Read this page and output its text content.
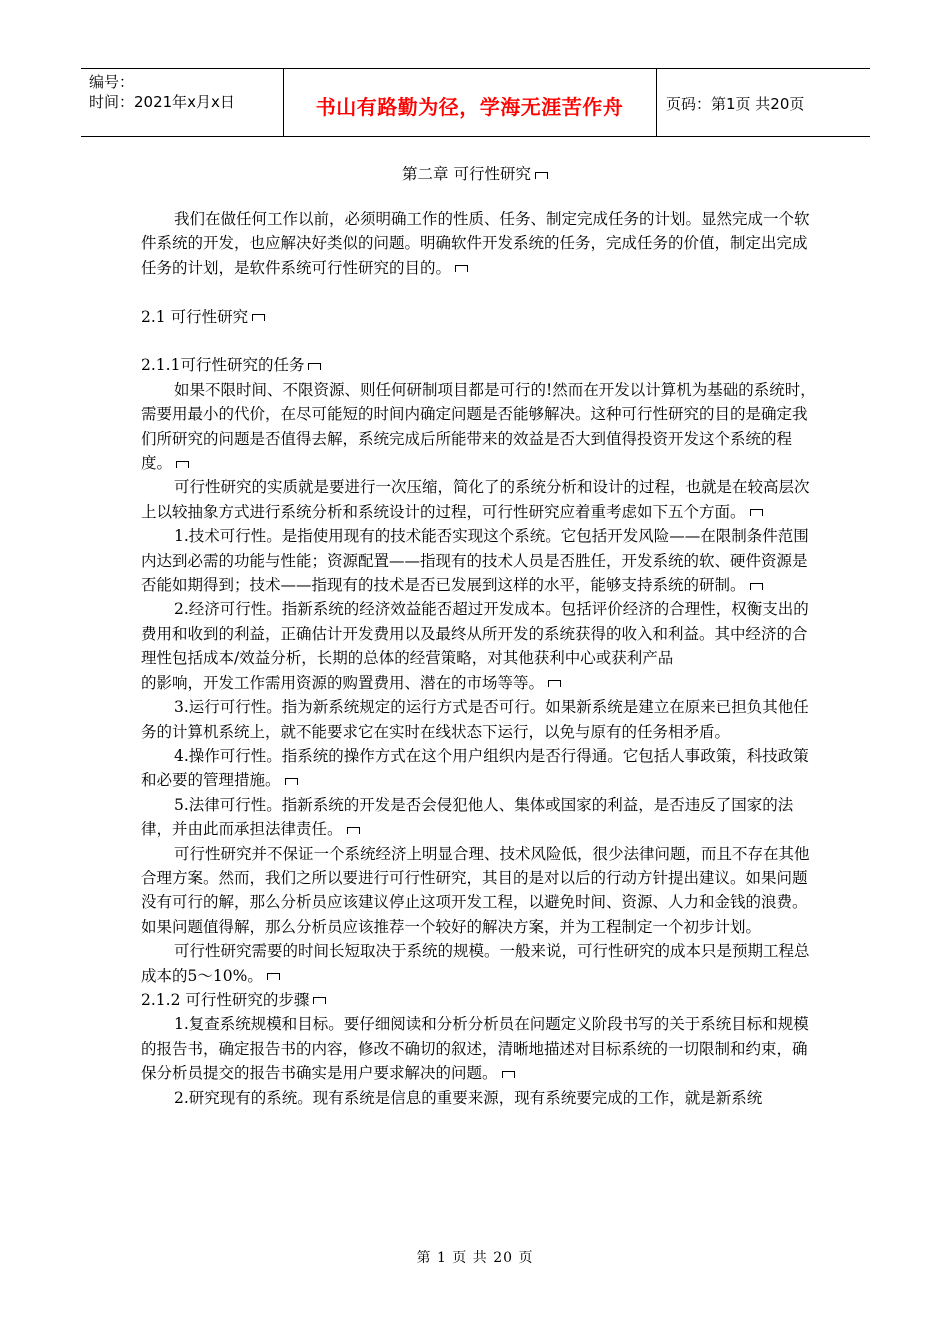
编号：
时间：2021年x月x日	书山有路勤为径，学海无涯苦作舟	页码：第1页 共20页
第二章 可行性研究

我们在做任何工作以前，必须明确工作的性质、任务、制定完成任务的计划。显然完成一个软件系统的开发，也应解决好类似的问题。明确软件开发系统的任务，完成任务的价值，制定出完成任务的计划，是软件系统可行性研究的目的。

2.1 可行性研究

2.1.1可行性研究的任务

如果不限时间、不限资源、则任何研制项目都是可行的!然而在开发以计算机为基础的系统时，需要用最小的代价，在尽可能短的时间内确定问题是否能够解决。这种可行性研究的目的是确定我们所研究的问题是否值得去解，系统完成后所能带来的效益是否大到值得投资开发这个系统的程度。

可行性研究的实质就是要进行一次压缩，简化了的系统分析和设计的过程，也就是在较高层次上以较抽象方式进行系统分析和系统设计的过程，可行性研究应着重考虑如下五个方面。

1.技术可行性。是指使用现有的技术能否实现这个系统。它包括开发风险——在限制条件范围内达到必需的功能与性能；资源配置——指现有的技术人员是否胜任，开发系统的软、硬件资源是否能如期得到；技术——指现有的技术是否已发展到这样的水平，能够支持系统的研制。

2.经济可行性。指新系统的经济效益能否超过开发成本。包括评价经济的合理性，权衡支出的费用和收到的利益，正确估计开发费用以及最终从所开发的系统获得的收入和利益。其中经济的合理性包括成本/效益分析，长期的总体的经营策略，对其他获利中心或获利产品

的影响，开发工作需用资源的购置费用、潜在的市场等等。

3.运行可行性。指为新系统规定的运行方式是否可行。如果新系统是建立在原来已担负其他任务的计算机系统上，就不能要求它在实时在线状态下运行，以免与原有的任务相矛盾。

4.操作可行性。指系统的操作方式在这个用户组织内是否行得通。它包括人事政策，科技政策和必要的管理措施。

5.法律可行性。指新系统的开发是否会侵犯他人、集体或国家的利益，是否违反了国家的法律，并由此而承担法律责任。

可行性研究并不保证一个系统经济上明显合理、技术风险低，很少法律问题，而且不存在其他合理方案。然而，我们之所以要进行可行性研究，其目的是对以后的行动方针提出建议。如果问题没有可行的解，那么分析员应该建议停止这项开发工程，以避免时间、资源、人力和金钱的浪费。如果问题值得解，那么分析员应该推荐一个较好的解决方案，并为工程制定一个初步计划。

可行性研究需要的时间长短取决于系统的规模。一般来说，可行性研究的成本只是预期工程总成本的5～10%。

2.1.2 可行性研究的步骤

1.复查系统规模和目标。要仔细阅读和分析分析员在问题定义阶段书写的关于系统目标和规模的报告书，确定报告书的内容，修改不确切的叙述，清晰地描述对目标系统的一切限制和约束，确保分析员提交的报告书确实是用户要求解决的问题。

2.研究现有的系统。现有系统是信息的重要来源，现有系统要完成的工作，就是新系统

第 1 页 共 20 页
